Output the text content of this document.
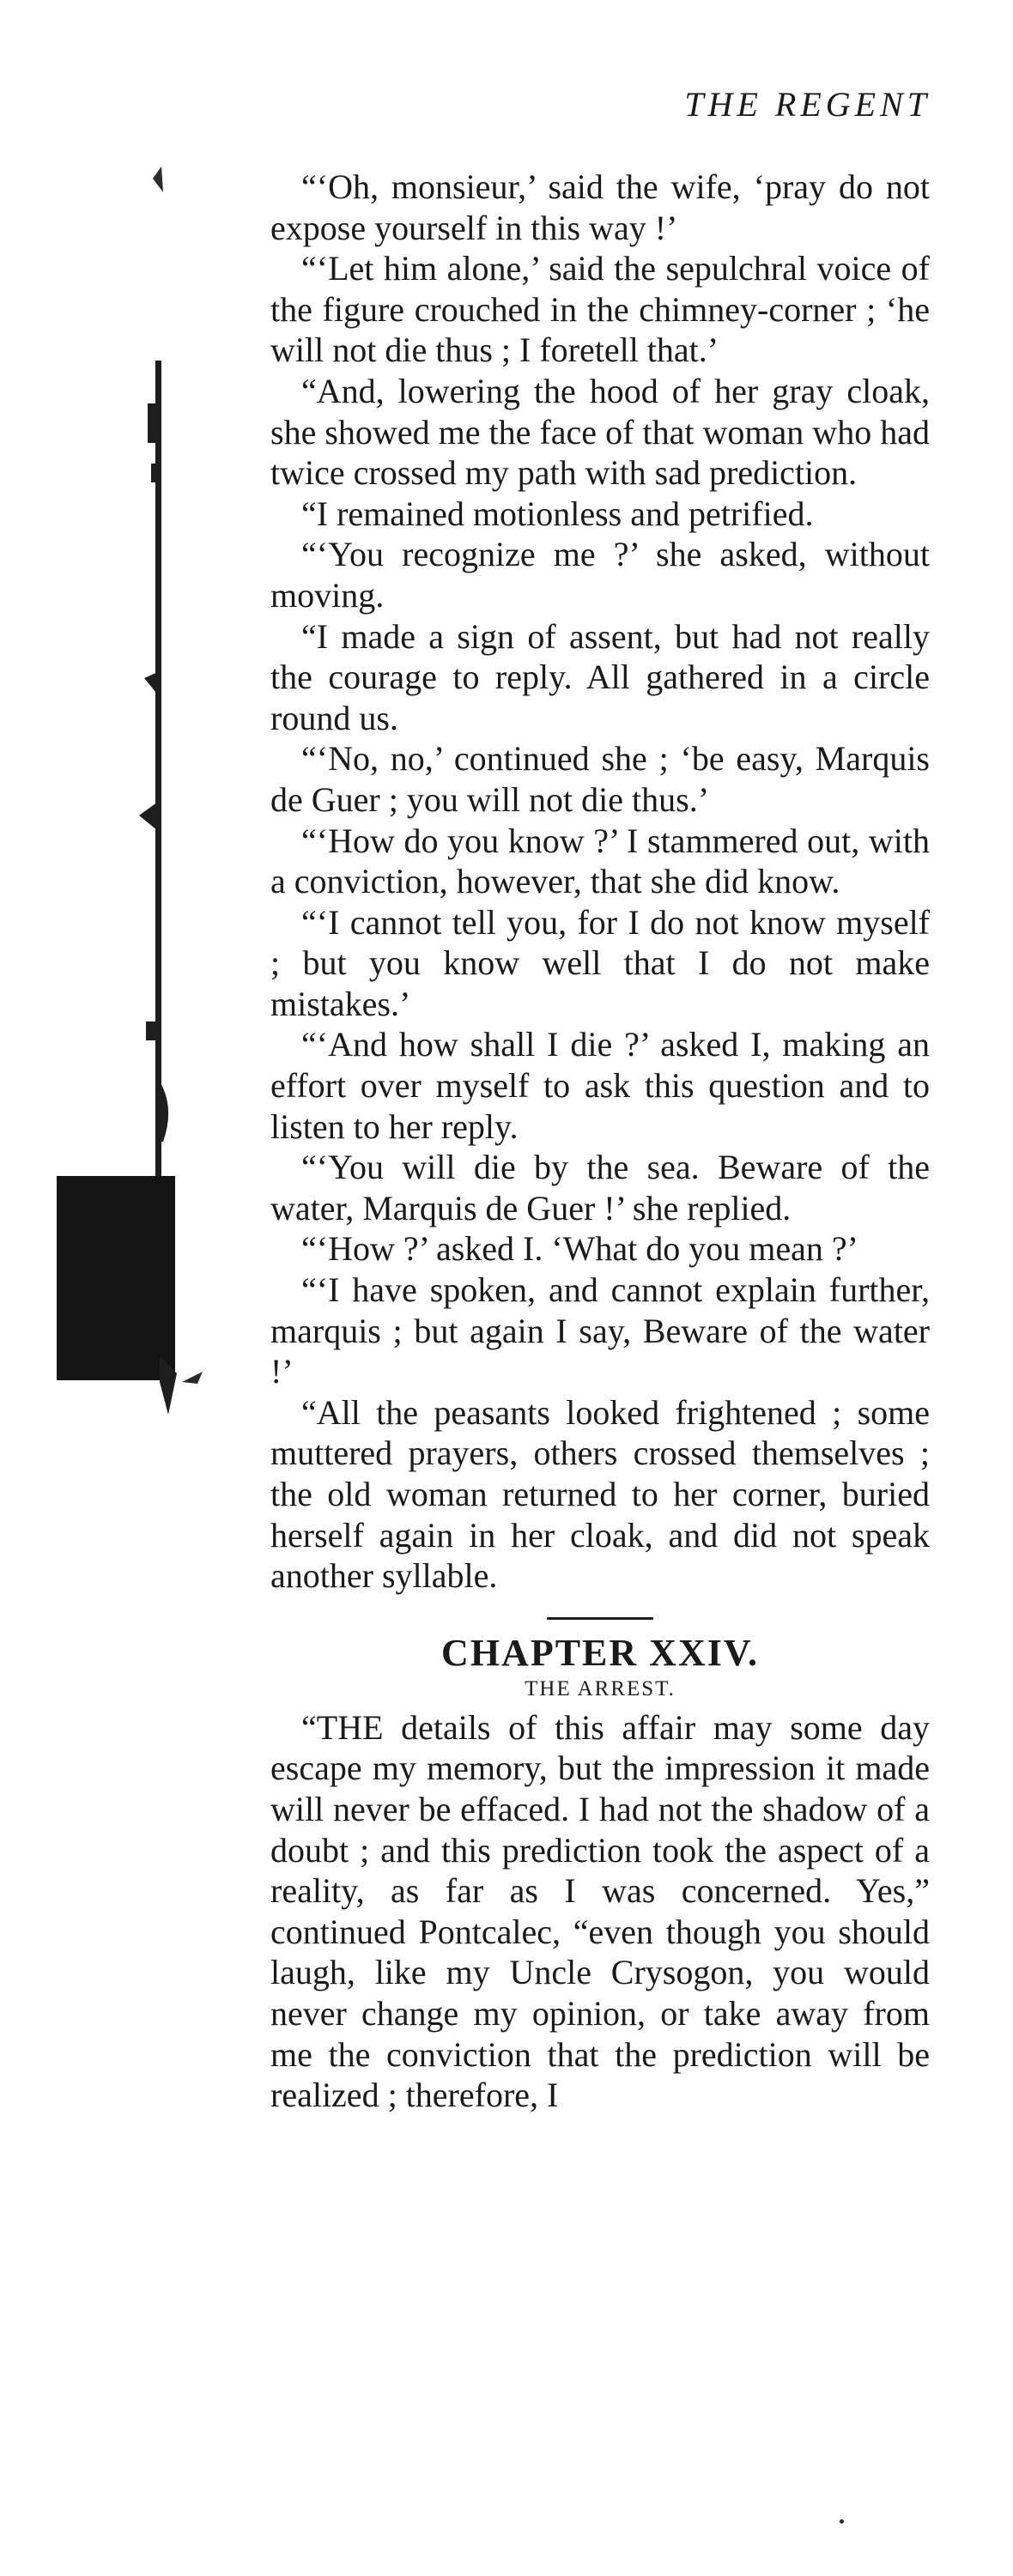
THE REGENT

“‘Oh, monsieur,’ said the wife, ‘pray do not expose yourself in this way !’

“‘Let him alone,’ said the sepulchral voice of the figure crouched in the chimney-corner ; ‘he will not die thus ; I foretell that.’

“And, lowering the hood of her gray cloak, she showed me the face of that woman who had twice crossed my path with sad prediction.

“I remained motionless and petrified.

“‘You recognize me ?’ she asked, without moving.

“I made a sign of assent, but had not really the courage to reply. All gathered in a circle round us.

“‘No, no,’ continued she ; ‘be easy, Marquis de Guer ; you will not die thus.’

“‘How do you know ?’ I stammered out, with a conviction, however, that she did know.

“‘I cannot tell you, for I do not know myself ; but you know well that I do not make mistakes.’

“‘And how shall I die ?’ asked I, making an effort over myself to ask this question and to listen to her reply.

“‘You will die by the sea. Beware of the water, Marquis de Guer !’ she replied.

“‘How ?’ asked I. ‘What do you mean ?’

“‘I have spoken, and cannot explain further, marquis ; but again I say, Beware of the water !’

“All the peasants looked frightened ; some muttered prayers, others crossed themselves ; the old woman returned to her corner, buried herself again in her cloak, and did not speak another syllable.

CHAPTER XXIV.
THE ARREST.

“THE details of this affair may some day escape my memory, but the impression it made will never be effaced. I had not the shadow of a doubt ; and this prediction took the aspect of a reality, as far as I was concerned. Yes,” continued Pontcalec, “even though you should laugh, like my Uncle Crysogon, you would never change my opinion, or take away from me the conviction that the prediction will be realized ; therefore, I
